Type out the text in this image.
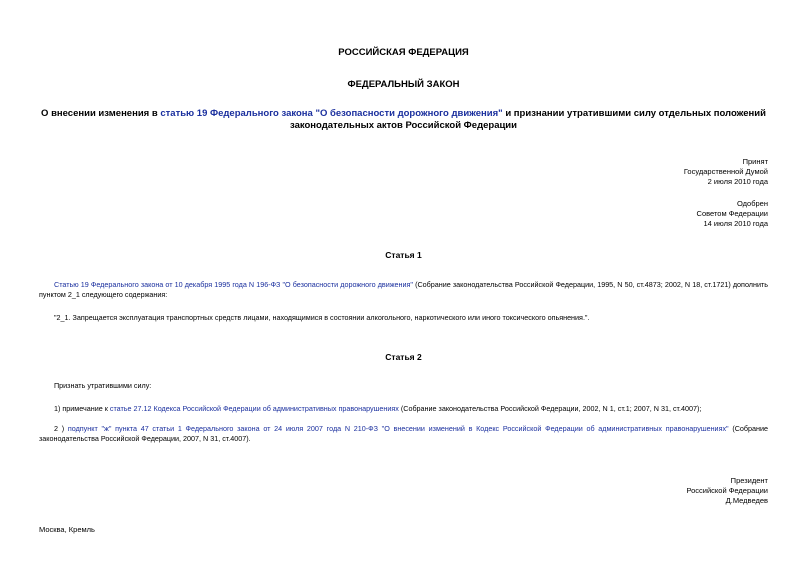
РОССИЙСКАЯ ФЕДЕРАЦИЯ
ФЕДЕРАЛЬНЫЙ ЗАКОН
О внесении изменения в статью 19 Федерального закона "О безопасности дорожного движения" и признании утратившими силу отдельных положений законодательных актов Российской Федерации
Принят
Государственной Думой
2 июля 2010 года
Одобрен
Советом Федерации
14 июля 2010 года
Статья 1
Статью 19 Федерального закона от 10 декабря 1995 года N 196-ФЗ "О безопасности дорожного движения" (Собрание законодательства Российской Федерации, 1995, N 50, ст.4873; 2002, N 18, ст.1721) дополнить пунктом 2_1 следующего содержания:
"2_1. Запрещается эксплуатация транспортных средств лицами, находящимися в состоянии алкогольного, наркотического или иного токсического опьянения.".
Статья 2
Признать утратившими силу:
1) примечание к статье 27.12 Кодекса Российской Федерации об административных правонарушениях (Собрание законодательства Российской Федерации, 2002, N 1, ст.1; 2007, N 31, ст.4007);
2 ) подпункт "ж" пункта 47 статьи 1 Федерального закона от 24 июля 2007 года N 210-ФЗ "О внесении изменений в Кодекс Российской Федерации об административных правонарушениях" (Собрание законодательства Российской Федерации, 2007, N 31, ст.4007).
Президент
Российской Федерации
Д.Медведев
Москва, Кремль
